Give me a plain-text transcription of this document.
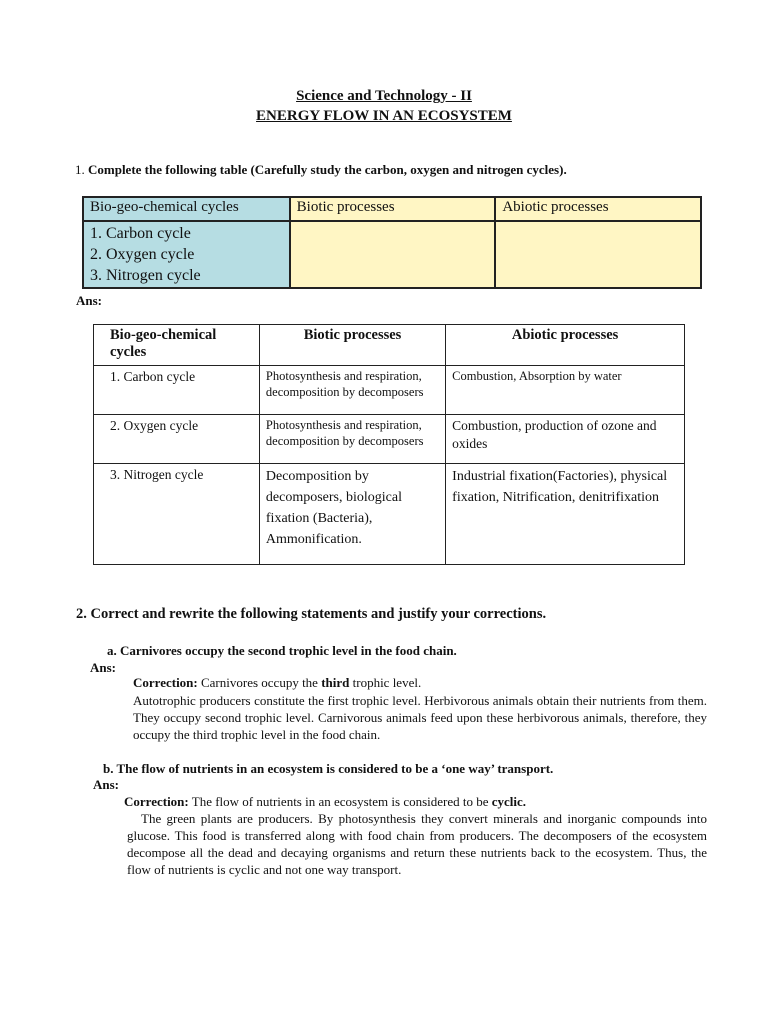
Science and Technology - II
ENERGY FLOW IN AN ECOSYSTEM
1. Complete the following table (Carefully study the carbon, oxygen and nitrogen cycles).
Bio-geo-chemical cycles	Biotic processes	Abiotic processes

1. Carbon cycle
2. Oxygen cycle
3. Nitrogen cycle		

Ans:
Bio-geo-chemical cycles	Biotic processes	Abiotic processes
1. Carbon cycle	Photosynthesis and respiration, decomposition by decomposers	Combustion, Absorption by water
2. Oxygen cycle	Photosynthesis and respiration, decomposition by decomposers	Combustion, production of ozone and oxides
3. Nitrogen cycle	Decomposition by decomposers, biological fixation (Bacteria), Ammonification.	Industrial fixation(Factories), physical fixation, Nitrification, denitrifixation
2. Correct and rewrite the following statements and justify your corrections.
a. Carnivores occupy the second trophic level in the food chain.
Ans:
Correction: Carnivores occupy the third trophic level.
Autotrophic producers constitute the first trophic level. Herbivorous animals obtain their nutrients from them. They occupy second trophic level. Carnivorous animals feed upon these herbivorous animals, therefore, they occupy the third trophic level in the food chain.
b. The flow of nutrients in an ecosystem is considered to be a ‘one way’ transport.
Ans:
Correction: The flow of nutrients in an ecosystem is considered to be cyclic.
The green plants are producers. By photosynthesis they convert minerals and inorganic compounds into glucose. This food is transferred along with food chain from producers. The decomposers of the ecosystem decompose all the dead and decaying organisms and return these nutrients back to the ecosystem. Thus, the flow of nutrients is cyclic and not one way transport.
